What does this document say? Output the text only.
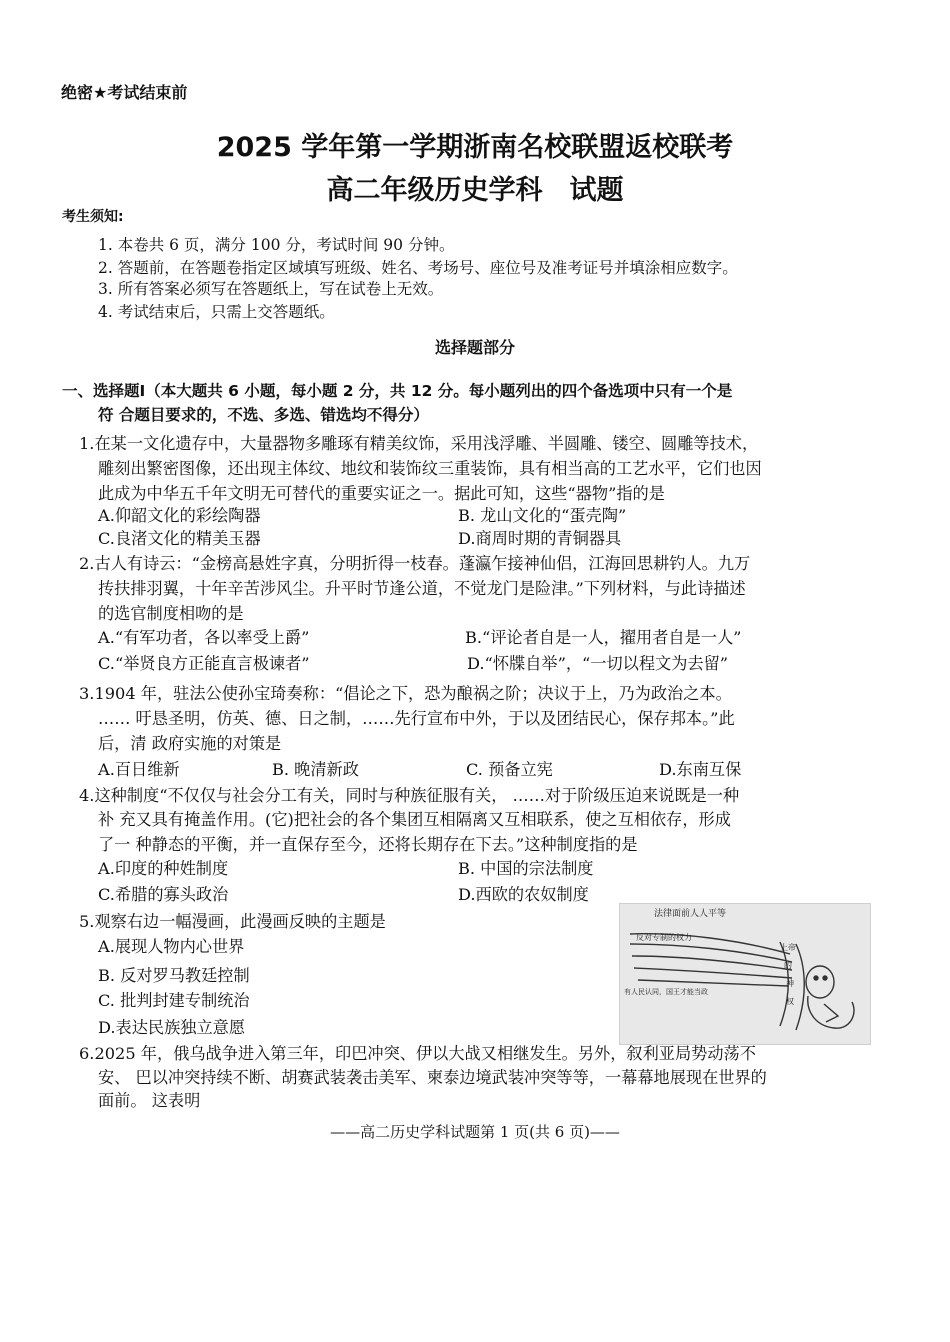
绝密★考试结束前
2025 学年第一学期浙南名校联盟返校联考
高二年级历史学科　试题
考生须知:
1. 本卷共 6 页，满分 100 分，考试时间 90 分钟。
2. 答题前，在答题卷指定区域填写班级、姓名、考场号、座位号及准考证号并填涂相应数字。
3. 所有答案必须写在答题纸上，写在试卷上无效。
4. 考试结束后，只需上交答题纸。
选择题部分
一、选择题Ⅰ（本大题共 6 小题，每小题 2 分，共 12 分。每小题列出的四个备选项中只有一个是
符 合题目要求的，不选、多选、错选均不得分）
1.在某一文化遗存中，大量器物多雕琢有精美纹饰，采用浅浮雕、半圆雕、镂空、圆雕等技术，
雕刻出繁密图像，还出现主体纹、地纹和装饰纹三重装饰，具有相当高的工艺水平，它们也因
此成为中华五千年文明无可替代的重要实证之一。据此可知，这些“器物”指的是
A.仰韶文化的彩绘陶器	B. 龙山文化的“蛋壳陶”
C.良渚文化的精美玉器	D.商周时期的青铜器具
2.古人有诗云：“金榜高悬姓字真，分明折得一枝春。蓬瀛乍接神仙侣，江海回思耕钓人。九万
抟扶排羽翼，十年辛苦涉风尘。升平时节逢公道，不觉龙门是险津。”下列材料，与此诗描述
的选官制度相吻的是
A.“有军功者，各以率受上爵”	B.“评论者自是一人，擢用者自是一人”
C.“举贤良方正能直言极谏者”	D.“怀牒自举”，“一切以程文为去留”
3.1904 年，驻法公使孙宝琦奏称：“倡论之下，恐为酿祸之阶；决议于上，乃为政治之本。
…… 吁恳圣明，仿英、德、日之制，……先行宣布中外，于以及团结民心，保存邦本。”此
后，清 政府实施的对策是
A.百日维新	B. 晚清新政	C. 预备立宪	D.东南互保
4.这种制度“不仅仅与社会分工有关，同时与种族征服有关， ……对于阶级压迫来说既是一种
补 充又具有掩盖作用。(它)把社会的各个集团互相隔离又互相联系，使之互相依存，形成
了一 种静态的平衡，并一直保存至今，还将长期存在下去。”这种制度指的是
A.印度的种姓制度	B. 中国的宗法制度
C.希腊的寡头政治	D.西欧的农奴制度
5.观察右边一幅漫画，此漫画反映的主题是
A.展现人物内心世界
B. 反对罗马教廷控制
C. 批判封建专制统治
D.表达民族独立意愿
法律面前人人平等
反对专制的权力
有人民认同，国王才能当政
上帝
的
神
权
6.2025 年，俄乌战争进入第三年，印巴冲突、伊以大战又相继发生。另外，叙利亚局势动荡不
安、 巴以冲突持续不断、胡赛武装袭击美军、柬泰边境武装冲突等等，一幕幕地展现在世界的
面前。 这表明
——高二历史学科试题第 1 页(共 6 页)——
